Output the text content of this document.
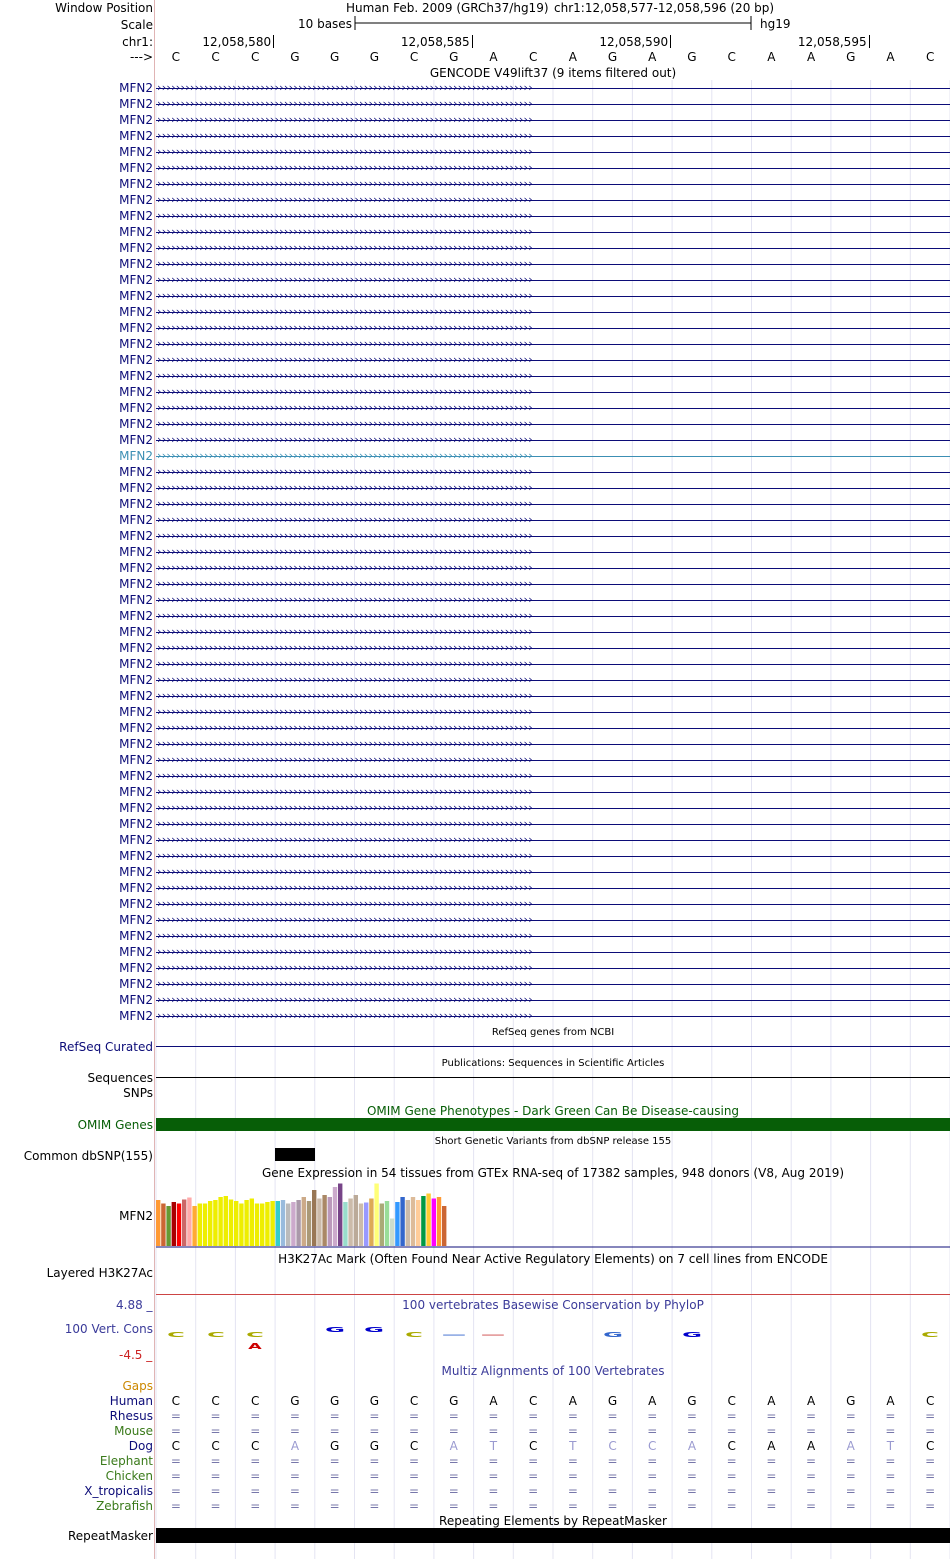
Window Position	Human Feb. 2009 (GRCh37/hg19) chr1:12,058,577-12,058,596 (20 bp)
Scale	10 bases	hg19
chr1:	12,058,580	12,058,585	12,058,590	12,058,595
--->	C	C	C	G	G	G	C	G	A	C	A	G	A	G	C	A	A	G	A	C
GENCODE V49lift37 (9 items filtered out)
MFN2 ››››››››››››››››››››››››››››››››››››››››››››››››››››››››››››››››››››››››››››››››
MFN2 ››››››››››››››››››››››››››››››››››››››››››››››››››››››››››››››››››››››››››››››››
MFN2 ››››››››››››››››››››››››››››››››››››››››››››››››››››››››››››››››››››››››››››››››
MFN2 ››››››››››››››››››››››››››››››››››››››››››››››››››››››››››››››››››››››››››››››››
MFN2 ››››››››››››››››››››››››››››››››››››››››››››››››››››››››››››››››››››››››››››››››
MFN2 ››››››››››››››››››››››››››››››››››››››››››››››››››››››››››››››››››››››››››››››››
MFN2 ››››››››››››››››››››››››››››››››››››››››››››››››››››››››››››››››››››››››››››››››
MFN2 ››››››››››››››››››››››››››››››››››››››››››››››››››››››››››››››››››››››››››››››››
MFN2 ››››››››››››››››››››››››››››››››››››››››››››››››››››››››››››››››››››››››››››››››
MFN2 ››››››››››››››››››››››››››››››››››››››››››››››››››››››››››››››››››››››››››››››››
MFN2 ››››››››››››››››››››››››››››››››››››››››››››››››››››››››››››››››››››››››››››››››
MFN2 ››››››››››››››››››››››››››››››››››››››››››››››››››››››››››››››››››››››››››››››››
MFN2 ››››››››››››››››››››››››››››››››››››››››››››››››››››››››››››››››››››››››››››››››
MFN2 ››››››››››››››››››››››››››››››››››››››››››››››››››››››››››››››››››››››››››››››››
MFN2 ››››››››››››››››››››››››››››››››››››››››››››››››››››››››››››››››››››››››››››››››
MFN2 ››››››››››››››››››››››››››››››››››››››››››››››››››››››››››››››››››››››››››››››››
MFN2 ››››››››››››››››››››››››››››››››››››››››››››››››››››››››››››››››››››››››››››››››
MFN2 ››››››››››››››››››››››››››››››››››››››››››››››››››››››››››››››››››››››››››››››››
MFN2 ››››››››››››››››››››››››››››››››››››››››››››››››››››››››››››››››››››››››››››››››
MFN2 ››››››››››››››››››››››››››››››››››››››››››››››››››››››››››››››››››››››››››››››››
MFN2 ››››››››››››››››››››››››››››››››››››››››››››››››››››››››››››››››››››››››››››››››
MFN2 ››››››››››››››››››››››››››››››››››››››››››››››››››››››››››››››››››››››››››››››››
MFN2 ››››››››››››››››››››››››››››››››››››››››››››››››››››››››››››››››››››››››››››››››
MFN2 ››››››››››››››››››››››››››››››››››››››››››››››››››››››››››››››››››››››››››››››››
MFN2 ››››››››››››››››››››››››››››››››››››››››››››››››››››››››››››››››››››››››››››››››
MFN2 ››››››››››››››››››››››››››››››››››››››››››››››››››››››››››››››››››››››››››››››››
MFN2 ››››››››››››››››››››››››››››››››››››››››››››››››››››››››››››››››››››››››››››››››
MFN2 ››››››››››››››››››››››››››››››››››››››››››››››››››››››››››››››››››››››››››››››››
MFN2 ››››››››››››››››››››››››››››››››››››››››››››››››››››››››››››››››››››››››››››››››
MFN2 ››››››››››››››››››››››››››››››››››››››››››››››››››››››››››››››››››››››››››››››››
MFN2 ››››››››››››››››››››››››››››››››››››››››››››››››››››››››››››››››››››››››››››››››
MFN2 ››››››››››››››››››››››››››››››››››››››››››››››››››››››››››››››››››››››››››››››››
MFN2 ››››››››››››››››››››››››››››››››››››››››››››››››››››››››››››››››››››››››››››››››
MFN2 ››››››››››››››››››››››››››››››››››››››››››››››››››››››››››››››››››››››››››››››››
MFN2 ››››››››››››››››››››››››››››››››››››››››››››››››››››››››››››››››››››››››››››››››
MFN2 ››››››››››››››››››››››››››››››››››››››››››››››››››››››››››››››››››››››››››››››››
MFN2 ››››››››››››››››››››››››››››››››››››››››››››››››››››››››››››››››››››››››››››››››
MFN2 ››››››››››››››››››››››››››››››››››››››››››››››››››››››››››››››››››››››››››››››››
MFN2 ››››››››››››››››››››››››››››››››››››››››››››››››››››››››››››››››››››››››››››››››
MFN2 ››››››››››››››››››››››››››››››››››››››››››››››››››››››››››››››››››››››››››››››››
MFN2 ››››››››››››››››››››››››››››››››››››››››››››››››››››››››››››››››››››››››››››››››
MFN2 ››››››››››››››››››››››››››››››››››››››››››››››››››››››››››››››››››››››››››››››››
MFN2 ››››››››››››››››››››››››››››››››››››››››››››››››››››››››››››››››››››››››››››››››
MFN2 ››››››››››››››››››››››››››››››››››››››››››››››››››››››››››››››››››››››››››››››››
MFN2 ››››››››››››››››››››››››››››››››››››››››››››››››››››››››››››››››››››››››››››››››
MFN2 ››››››››››››››››››››››››››››››››››››››››››››››››››››››››››››››››››››››››››››››››
MFN2 ››››››››››››››››››››››››››››››››››››››››››››››››››››››››››››››››››››››››››››››››
MFN2 ››››››››››››››››››››››››››››››››››››››››››››››››››››››››››››››››››››››››››››››››
MFN2 ››››››››››››››››››››››››››››››››››››››››››››››››››››››››››››››››››››››››››››››››
MFN2 ››››››››››››››››››››››››››››››››››››››››››››››››››››››››››››››››››››››››››››››››
MFN2 ››››››››››››››››››››››››››››››››››››››››››››››››››››››››››››››››››››››››››››››››
MFN2 ››››››››››››››››››››››››››››››››››››››››››››››››››››››››››››››››››››››››››››››››
MFN2 ››››››››››››››››››››››››››››››››››››››››››››››››››››››››››››››››››››››››››››››››
MFN2 ››››››››››››››››››››››››››››››››››››››››››››››››››››››››››››››››››››››››››››››››
MFN2 ››››››››››››››››››››››››››››››››››››››››››››››››››››››››››››››››››››››››››››››››
MFN2 ››››››››››››››››››››››››››››››››››››››››››››››››››››››››››››››››››››››››››››››››
MFN2 ››››››››››››››››››››››››››››››››››››››››››››››››››››››››››››››››››››››››››››››››
MFN2 ››››››››››››››››››››››››››››››››››››››››››››››››››››››››››››››››››››››››››››››››
MFN2 ››››››››››››››››››››››››››››››››››››››››››››››››››››››››››››››››››››››››››››››››
RefSeq genes from NCBI
RefSeq Curated
Publications: Sequences in Scientific Articles
Sequences
SNPs
OMIM Gene Phenotypes - Dark Green Can Be Disease-causing
OMIM Genes
Short Genetic Variants from dbSNP release 155
Common dbSNP(155)
Gene Expression in 54 tissues from GTEx RNA-seq of 17382 samples, 948 donors (V8, Aug 2019)
MFN2
H3K27Ac Mark (Often Found Near Active Regulatory Elements) on 7 cell lines from ENCODE
Layered H3K27Ac
100 vertebrates Basewise Conservation by PhyloP
4.88 _
100 Vert. Cons
-4.5 _
C	C	C
G	G
C	—	—	G	G	C
A
Multiz Alignments of 100 Vertebrates
Gaps
Human	C	C	C	G	G	G	C	G	A	C	A	G	A	G	C	A	A	G	A	C
Rhesus	=	=	=	=	=	=	=	=	=	=	=	=	=	=	=	=	=	=	=	=
Mouse	=	=	=	=	=	=	=	=	=	=	=	=	=	=	=	=	=	=	=	=
Dog	C	C	C	A	G	G	C	A	T	C	T	C	C	A	C	A	A	A	T	C
Elephant	=	=	=	=	=	=	=	=	=	=	=	=	=	=	=	=	=	=	=	=
Chicken	=	=	=	=	=	=	=	=	=	=	=	=	=	=	=	=	=	=	=	=
X_tropicalis	=	=	=	=	=	=	=	=	=	=	=	=	=	=	=	=	=	=	=	=
Zebrafish	=	=	=	=	=	=	=	=	=	=	=	=	=	=	=	=	=	=	=	=
Repeating Elements by RepeatMasker
RepeatMasker
